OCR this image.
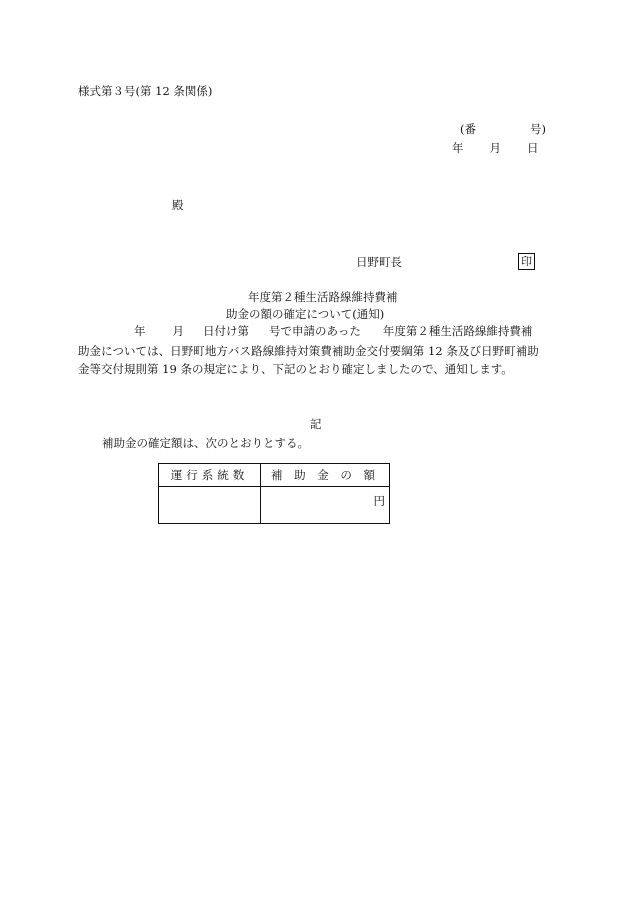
様式第３号(第 12 条関係)
(番	号)
年 月 日
殿
日野町長	印
年度第２種生活路線維持費補
助金の額の確定について(通知)
年 月 日付け第 号で申請のあった 年度第２種生活路線維持費補
助金については、日野町地方バス路線維持対策費補助金交付要綱第 12 条及び日野町補助
金等交付規則第 19 条の規定により、下記のとおり確定しましたので、通知します。
記
補助金の確定額は、次のとおりとする。
運行系統数	補 助 金 の 額
	円
